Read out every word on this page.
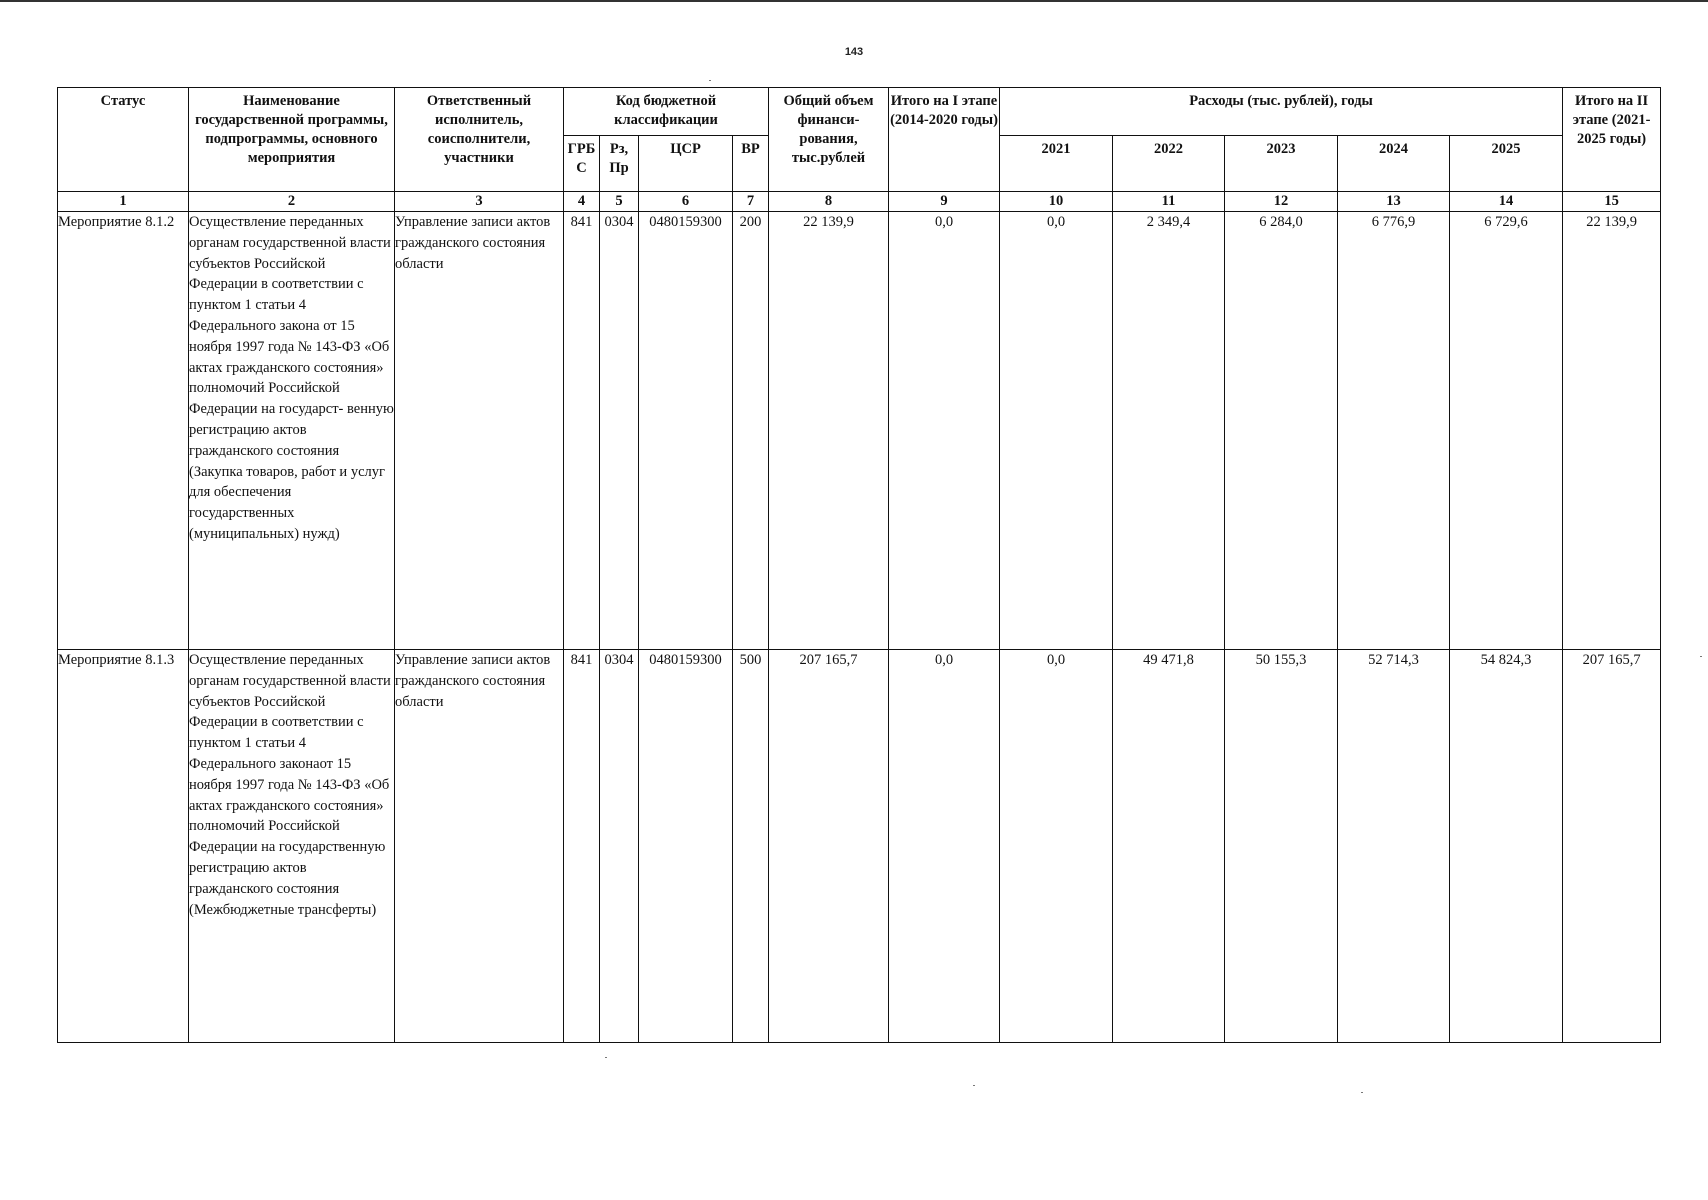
143
Статус	Наименование государственной программы, подпрограммы, основного мероприятия	Ответственный исполнитель, соисполнители, участники	Код бюджетной классификации				Общий объем финанси- рования, тыс.рублей	Итого на I этапе (2014-2020 годы)	Расходы (тыс. рублей), годы					Итого на II этапе (2021- 2025 годы)

			ГРБ С	Рз, Пр	ЦСР	ВР			2021	2022	2023	2024	2025	

1	2	3	4	5	6	7	8	9	10	11	12	13	14	15
Мероприятие 8.1.2	Осуществление переданных органам государственной власти субъектов Российской Федерации в соответствии с пунктом 1 статьи 4 Федерального закона от 15 ноября 1997 года № 143-ФЗ «Об актах гражданского состояния» полномочий Российской Федерации на государст- венную регистрацию актов гражданского состояния (Закупка товаров, работ и услуг для обеспечения государственных (муниципальных) нужд)	Управление записи актов гражданского состояния области	841	0304	0480159300	200	22 139,9	0,0	0,0	2 349,4	6 284,0	6 776,9	6 729,6	22 139,9
Мероприятие 8.1.3	Осуществление переданных органам государственной власти субъектов Российской Федерации в соответствии с пунктом 1 статьи 4 Федерального законаот 15 ноября 1997 года № 143-ФЗ «Об актах гражданского состояния» полномочий Российской Федерации на государственную регистрацию актов гражданского состояния (Межбюджетные трансферты)	Управление записи актов гражданского состояния области	841	0304	0480159300	500	207 165,7	0,0	0,0	49 471,8	50 155,3	52 714,3	54 824,3	207 165,7
